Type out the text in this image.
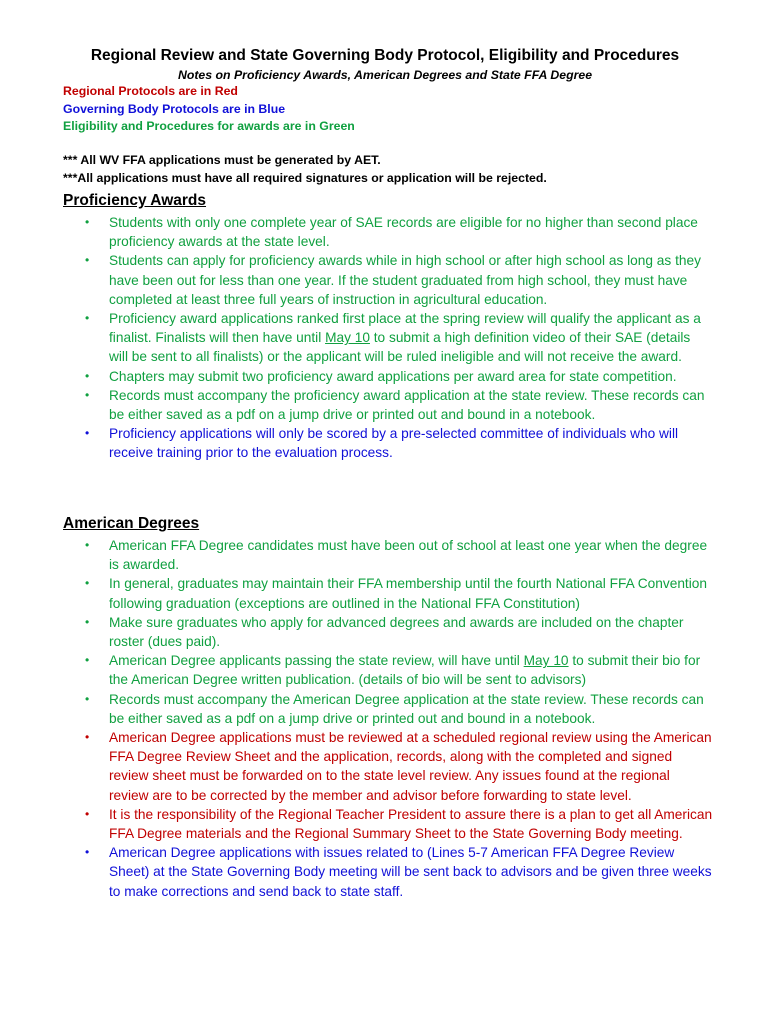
Regional Review and State Governing Body Protocol, Eligibility and Procedures
Notes on Proficiency Awards, American Degrees and State FFA Degree
Regional Protocols are in Red
Governing Body Protocols are in Blue
Eligibility and Procedures for awards are in Green
*** All WV FFA applications must be generated by AET.
***All applications must have all required signatures or application will be rejected.
Proficiency Awards
• Students with only one complete year of SAE records are eligible for no higher than second place proficiency awards at the state level.
• Students can apply for proficiency awards while in high school or after high school as long as they have been out for less than one year. If the student graduated from high school, they must have completed at least three full years of instruction in agricultural education.
• Proficiency award applications ranked first place at the spring review will qualify the applicant as a finalist. Finalists will then have until May 10 to submit a high definition video of their SAE (details will be sent to all finalists) or the applicant will be ruled ineligible and will not receive the award.
• Chapters may submit two proficiency award applications per award area for state competition.
• Records must accompany the proficiency award application at the state review. These records can be either saved as a pdf on a jump drive or printed out and bound in a notebook.
• Proficiency applications will only be scored by a pre-selected committee of individuals who will receive training prior to the evaluation process.
American Degrees
• American FFA Degree candidates must have been out of school at least one year when the degree is awarded.
• In general, graduates may maintain their FFA membership until the fourth National FFA Convention following graduation (exceptions are outlined in the National FFA Constitution)
• Make sure graduates who apply for advanced degrees and awards are included on the chapter roster (dues paid).
• American Degree applicants passing the state review, will have until May 10 to submit their bio for the American Degree written publication. (details of bio will be sent to advisors)
• Records must accompany the American Degree application at the state review. These records can be either saved as a pdf on a jump drive or printed out and bound in a notebook.
• American Degree applications must be reviewed at a scheduled regional review using the American FFA Degree Review Sheet and the application, records, along with the completed and signed review sheet must be forwarded on to the state level review. Any issues found at the regional review are to be corrected by the member and advisor before forwarding to state level.
• It is the responsibility of the Regional Teacher President to assure there is a plan to get all American FFA Degree materials and the Regional Summary Sheet to the State Governing Body meeting.
• American Degree applications with issues related to (Lines 5-7 American FFA Degree Review Sheet) at the State Governing Body meeting will be sent back to advisors and be given three weeks to make corrections and send back to state staff.
